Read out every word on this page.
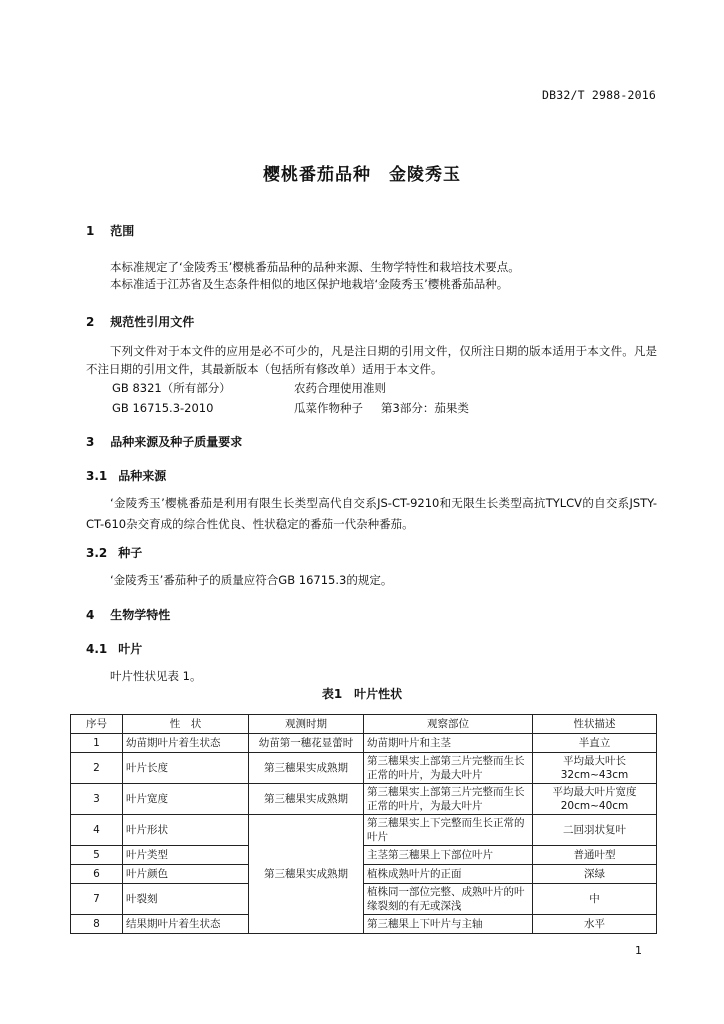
DB32/T 2988-2016
樱桃番茄品种　金陵秀玉
1 范围
本标准规定了‘金陵秀玉’樱桃番茄品种的品种来源、生物学特性和栽培技术要点。
本标准适于江苏省及生态条件相似的地区保护地栽培‘金陵秀玉’樱桃番茄品种。
2 规范性引用文件
下列文件对于本文件的应用是必不可少的，凡是注日期的引用文件，仅所注日期的版本适用于本文件。凡是不注日期的引用文件，其最新版本（包括所有修改单）适用于本文件。
GB 8321（所有部分）	农药合理使用准则
GB 16715.3-2010	瓜菜作物种子 第3部分：茄果类
3 品种来源及种子质量要求
3.1 品种来源
‘金陵秀玉’樱桃番茄是利用有限生长类型高代自交系JS-CT-9210和无限生长类型高抗TYLCV的自交系JSTY-CT-610杂交育成的综合性优良、性状稳定的番茄一代杂种番茄。
3.2 种子
‘金陵秀玉’番茄种子的质量应符合GB 16715.3的规定。
4 生物学特性
4.1 叶片
叶片性状见表 1。
表1　叶片性状
序号	性　状	观测时期	观察部位	性状描述
1	幼苗期叶片着生状态	幼苗第一穗花显蕾时	幼苗期叶片和主茎	半直立
2	叶片长度	第三穗果实成熟期	第三穗果实上部第三片完整而生长正常的叶片，为最大叶片	平均最大叶长 32cm~43cm
3	叶片宽度	第三穗果实成熟期	第三穗果实上部第三片完整而生长正常的叶片，为最大叶片	平均最大叶片宽度 20cm~40cm
4	叶片形状	第三穗果实成熟期	第三穗果实上下完整而生长正常的叶片	二回羽状复叶
5	叶片类型		主茎第三穗果上下部位叶片	普通叶型
6	叶片颜色		植株成熟叶片的正面	深绿
7	叶裂刻		植株同一部位完整、成熟叶片的叶缘裂刻的有无或深浅	中
8	结果期叶片着生状态		第三穗果上下叶片与主轴	水平
1
